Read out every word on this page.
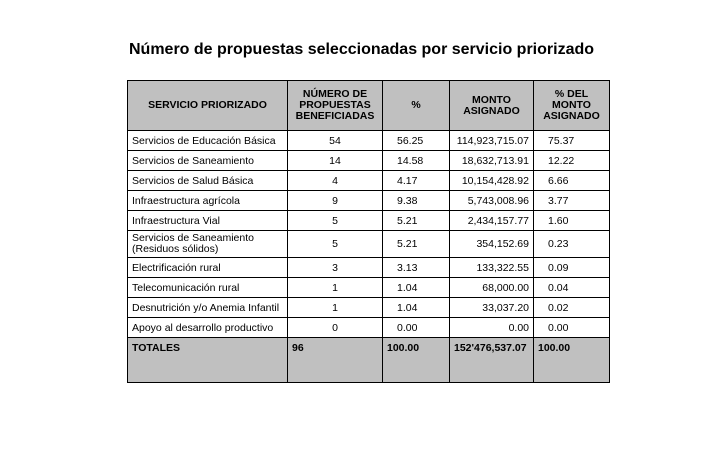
Número de propuestas seleccionadas por servicio priorizado
SERVICIO PRIORIZADO	NÚMERO DE PROPUESTAS BENEFICIADAS	%	MONTO ASIGNADO	% DEL MONTO ASIGNADO
Servicios de Educación Básica	54	56.25	114,923,715.07	75.37
Servicios de Saneamiento	14	14.58	18,632,713.91	12.22
Servicios de Salud Básica	4	4.17	10,154,428.92	6.66
Infraestructura agrícola	9	9.38	5,743,008.96	3.77
Infraestructura Vial	5	5.21	2,434,157.77	1.60
Servicios de Saneamiento (Residuos sólidos)	5	5.21	354,152.69	0.23
Electrificación rural	3	3.13	133,322.55	0.09
Telecomunicación rural	1	1.04	68,000.00	0.04
Desnutrición y/o Anemia Infantil	1	1.04	33,037.20	0.02
Apoyo al desarrollo productivo	0	0.00	0.00	0.00
TOTALES	96	100.00	152'476,537.07	100.00
